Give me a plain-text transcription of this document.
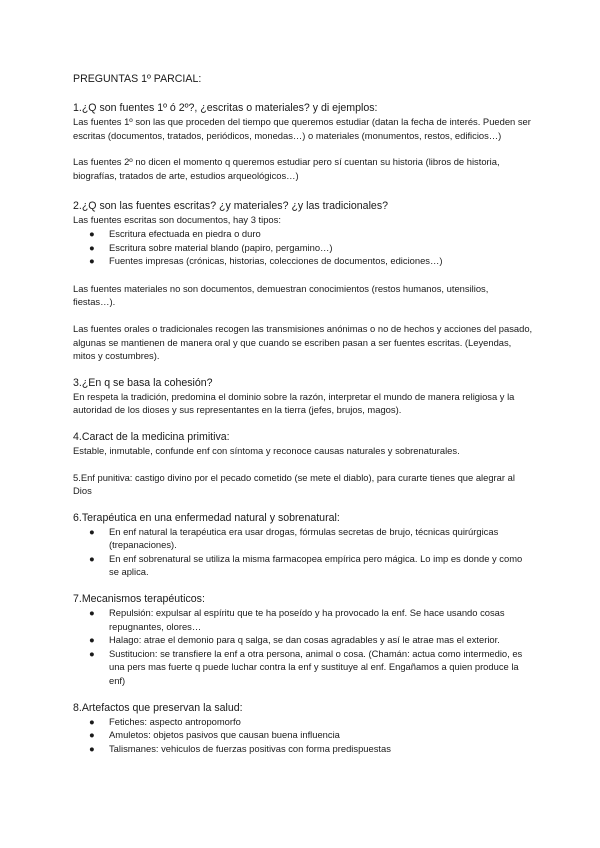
PREGUNTAS 1º PARCIAL:

1.¿Q son fuentes 1º ó 2º?, ¿escritas o materiales? y di ejemplos:

Las fuentes 1º son las que proceden del tiempo que queremos estudiar (datan la fecha de interés. Pueden ser escritas (documentos, tratados, periódicos, monedas…) o materiales (monumentos, restos, edificios…)

Las fuentes 2º no dicen el momento q queremos estudiar pero sí cuentan su historia (libros de historia, biografías, tratados de arte, estudios arqueológicos…)

2.¿Q son las fuentes escritas? ¿y materiales? ¿y las tradicionales?

Las fuentes escritas son documentos, hay 3 tipos:

● Escritura efectuada en piedra o duro
● Escritura sobre material blando (papiro, pergamino…)
● Fuentes impresas (crónicas, historias, colecciones de documentos, ediciones…)

Las fuentes materiales no son documentos, demuestran conocimientos (restos humanos, utensilios, fiestas…).

Las fuentes orales o tradicionales recogen las transmisiones anónimas o no de hechos y acciones del pasado, algunas se mantienen de manera oral y que cuando se escriben pasan a ser fuentes escritas. (Leyendas, mitos y costumbres).

3.¿En q se basa la cohesión?

En respeta la tradición, predomina el dominio sobre la razón, interpretar el mundo de manera religiosa y la autoridad de los dioses y sus representantes en la tierra (jefes, brujos, magos).

4.Caract de la medicina primitiva:

Estable, inmutable, confunde enf con síntoma y reconoce causas naturales y sobrenaturales.

5.Enf punitiva: castigo divino por el pecado cometido (se mete el diablo), para curarte tienes que alegrar al Dios

6.Terapéutica en una enfermedad natural y sobrenatural:

● En enf natural la terapéutica era usar drogas, fórmulas secretas de brujo, técnicas quirúrgicas (trepanaciones).
● En enf sobrenatural se utiliza la misma farmacopea empírica pero mágica. Lo imp es donde y como se aplica.

7.Mecanismos terapéuticos:

● Repulsión: expulsar al espíritu que te ha poseído y ha provocado la enf. Se hace usando cosas repugnantes, olores…
● Halago: atrae el demonio para q salga, se dan cosas agradables y así le atrae mas el exterior.
● Sustitucion: se transfiere la enf a otra persona, animal o cosa. (Chamán: actua como intermedio, es una pers mas fuerte q puede luchar contra la enf y sustituye al enf. Engañamos a quien produce la enf)

8.Artefactos que preservan la salud:

● Fetiches: aspecto antropomorfo
● Amuletos: objetos pasivos que causan buena influencia
● Talismanes: vehiculos de fuerzas positivas con forma predispuestas
